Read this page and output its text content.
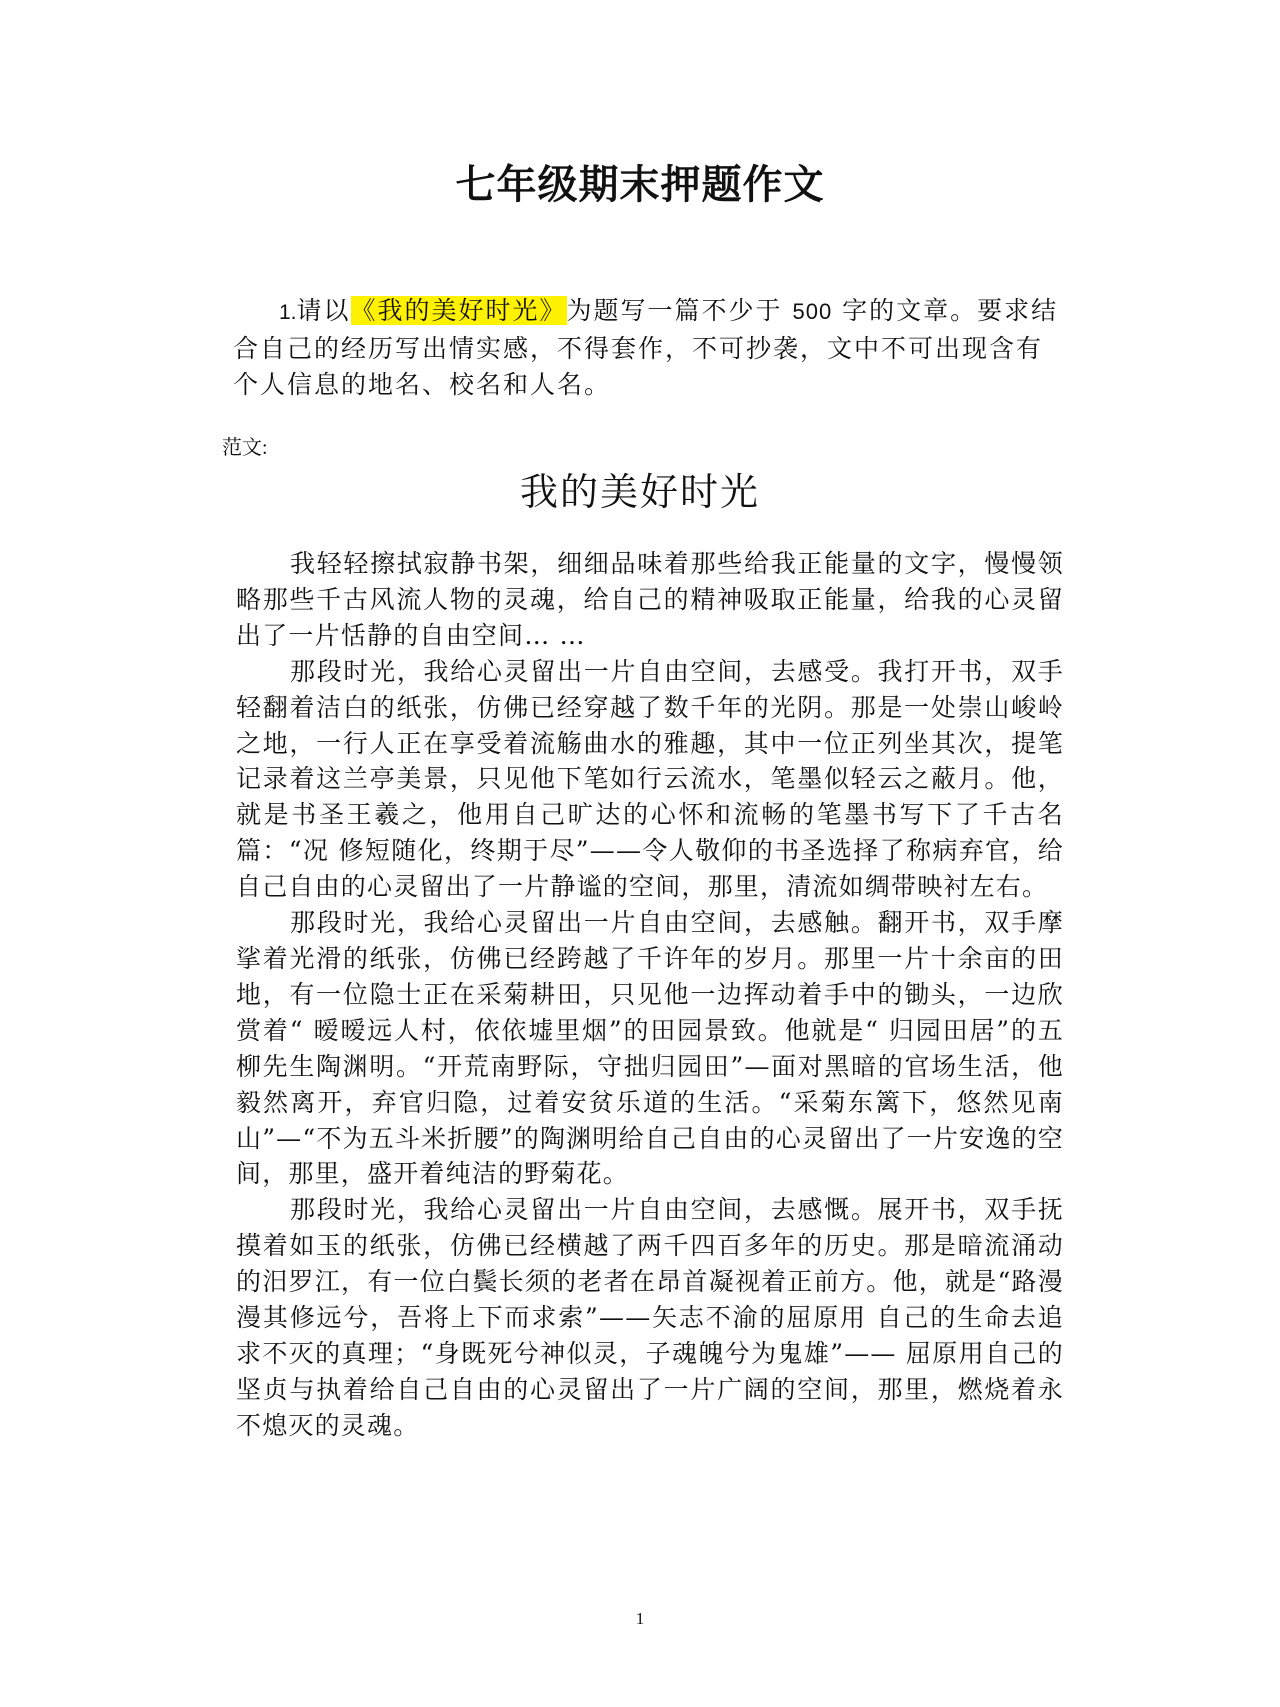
七年级期末押题作文

1.请以《我的美好时光》为题写一篇不少于 500 字的文章。要求结合自己的经历写出情实感，不得套作，不可抄袭，文中不可出现含有个人信息的地名、校名和人名。

范文:

我的美好时光

我轻轻擦拭寂静书架，细细品味着那些给我正能量的文字，慢慢领略那些千古风流人物的灵魂，给自己的精神吸取正能量，给我的心灵留出了一片恬静的自由空间… …

那段时光，我给心灵留出一片自由空间，去感受。我打开书，双手轻翻着洁白的纸张，仿佛已经穿越了数千年的光阴。那是一处崇山峻岭之地，一行人正在享受着流觞曲水的雅趣，其中一位正列坐其次，提笔记录着这兰亭美景，只见他下笔如行云流水，笔墨似轻云之蔽月。他，就是书圣王羲之，他用自己旷达的心怀和流畅的笔墨书写下了千古名篇：“况 修短随化，终期于尽”——令人敬仰的书圣选择了称病弃官，给自己自由的心灵留出了一片静谧的空间，那里，清流如绸带映衬左右。

那段时光，我给心灵留出一片自由空间，去感触。翻开书，双手摩挲着光滑的纸张，仿佛已经跨越了千许年的岁月。那里一片十余亩的田地，有一位隐士正在采菊耕田，只见他一边挥动着手中的锄头，一边欣赏着“ 暧暧远人村，依依墟里烟”的田园景致。他就是“ 归园田居”的五柳先生陶渊明。“开荒南野际，守拙归园田”—面对黑暗的官场生活，他毅然离开，弃官归隐，过着安贫乐道的生活。“采菊东篱下，悠然见南山”—“不为五斗米折腰”的陶渊明给自己自由的心灵留出了一片安逸的空间，那里，盛开着纯洁的野菊花。

那段时光，我给心灵留出一片自由空间，去感慨。展开书，双手抚摸着如玉的纸张，仿佛已经横越了两千四百多年的历史。那是暗流涌动的汨罗江，有一位白鬓长须的老者在昂首凝视着正前方。他，就是“路漫漫其修远兮，吾将上下而求索”——矢志不渝的屈原用 自己的生命去追求不灭的真理；“身既死兮神似灵，子魂魄兮为鬼雄”—— 屈原用自己的坚贞与执着给自己自由的心灵留出了一片广阔的空间，那里，燃烧着永不熄灭的灵魂。

1
